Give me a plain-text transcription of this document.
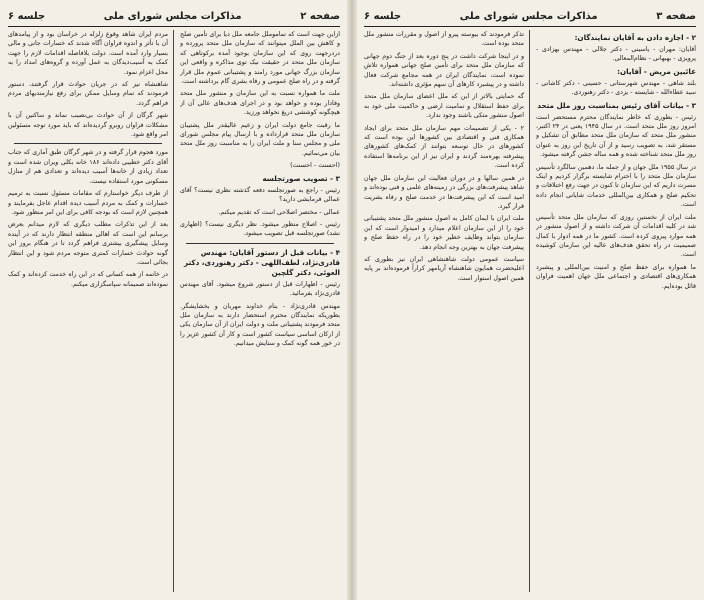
صفحه ۲
مذاکرات مجلس شورای ملی
جلسه ۶

ازاین جهت است که تماموملل جامعه ملل دیا برای تأمین صلح و کاهش بین الملل میتوانند که سازمان ملل متحد پرورده و دردرجهت روی که این سازمان بوجود آمده برکوتاهی که سازمان ملل متحد در حقیقت نیک توی مذاکره و واقعی این سازمان بزرگ جهانی مورد رامند و پشتیبانی عموم ملل قرار گرفته و در راه صلح عمومی و رفاه بشری گام برداشته است.

ملت ما همواره نسبت به این سازمان و منشور ملل متحد وفادار بوده و خواهد بود و در اجرای هدف‌های عالی آن از هیچگونه کوششی دریغ نخواهد ورزید.

ما رقبت جامع دولت ایران و زعیم عالیقدر ملل پشتیبان سازمان ملل متحد قرارداده و با ارسال پیام مجلس شورای ملی و مجلس سنا و ملت ایران را به مناسبت روز ملل متحد بیان می‌نمائیم.

(احسنت - احسنت)

۳ - تصویب صورتجلسه

رئیس - راجع به صورتجلسه دفعه گذشته نظری نیست؟ آقای عمالی فرمایشی دارید؟

عمالی - مختصر اصلاحی است که تقدیم میکنم.

رئیس - اصلاح منظور میشود. نظر دیگری نیست؟ (اظهاری نشد) صورتجلسه قبل تصویب میشود.

۴ - بیانات قبل از دستور آقایان: مهندس قادری‌نژاد، لطف‌اللهی - دکتر رهنوردی، دکتر العوئی، دکتر گلچین

رئیس - اظهارات قبل از دستور شروع میشود. آقای مهندس قادری‌نژاد بفرمائید.

مهندس قادری‌نژاد - بنام خداوند مهربان و بخشایشگر. بطوریکه نمایندگان محترم استحضار دارند به سازمان ملل متحد فرمودند پشتیبانی ملت و دولت ایران از آن سازمان یکی از ارکان اساسی سیاست کشور است و کار آن کشور عزیز را در خور همه گونه کمک و ستایش میدانیم.

مردم ایران شاهد وقوع زلزله در خراسان بود و از پیامدهای آن با تأثر و اندوه فراوان آگاه شدند که خسارات جانی و مالی بسیار وارد آمده است. دولت بلافاصله اقدامات لازم را جهت کمک به آسیب‌دیدگان به عمل آورده و گروه‌های امداد را به محل اعزام نمود.

شاهنشاه نیز که در جریان حوادث قرار گرفتند، دستور فرمودند که تمام وسایل ممکن برای رفع نیازمندیهای مردم فراهم گردد.

شهر گرگان از آن حوادث بی‌نصیب نماند و ساکنین آن با مشکلات فراوان روبرو گردیده‌اند که باید مورد توجه مسئولین امر واقع شود.

مورد هجوم قرار گرفته و در شهر گرگان طبق آماری که جناب آقای دکتر خطیبی داده‌اند ۱۸۶ خانه بکلی ویران شده است و تعداد زیادی از خانه‌ها آسیب دیده‌اند و تعدادی هم از منازل مسکونی مورد استفاده نیست.

از طرف دیگر خواستارم که مقامات مسئول نسبت به ترمیم خسارات و کمک به مردم آسیب دیده اقدام عاجل بفرمایند و همچنین لازم است که بودجه کافی برای این امر منظور شود.

بعد از این تذکرات مطلب دیگری که لازم میدانم بعرض برسانم این است که اهالی منطقه انتظار دارند که در آینده وسایل پیشگیری بیشتری فراهم گردد تا در هنگام بروز این گونه حوادث خسارات کمتری متوجه مردم شود و این انتظار بجائی است.

در خاتمه از همه کسانی که در این راه خدمت کرده‌اند و کمک نموده‌اند صمیمانه سپاسگزاری میکنم.

صفحه ۳
مذاکرات مجلس شورای ملی
جلسه ۶
۲ - اجازه دادن به آقایان نمایندگان:

آقایان: مهران - یاسینی - دکتر جلالی - مهندس بهزادی - پرویزی - بهبهانی - نظام‌المعالی.

غائبین مریض - آقایان:

بلند شاهی - مهندس شهرستانی - حسینی - دکتر کاشانی - سید عطاء‌الله - شایسته - یزدی - دکتر رهنوردی.

۳ - بیانات آقای رئیس بمناسبت روز ملل متحد

رئیس - بطوری که خاطر نمایندگان محترم مستحضر است امروز روز ملل متحد است. در سال ۱۹۴۵ یعنی در ۲۴ اکتبر، منشور ملل متحد که سازمان ملل متحد مطابق آن تشکیل و مستقر شد، به تصویب رسید و از آن تاریخ این روز به عنوان روز ملل متحد شناخته شده و همه ساله جشن گرفته میشود.

در سال ۱۹۵۵ ملل جهان و از جمله ما، دهمین سالگرد تأسیس سازمان ملل متحد را با احترام شایسته برگزار کردیم و اینک مسرت داریم که این سازمان تا کنون در جهت رفع اختلافات و تحکیم صلح و همکاری بین‌المللی خدمات شایانی انجام داده است.

ملت ایران از نخستین روزی که سازمان ملل متحد تأسیس شد در کلیه اقدامات آن شرکت داشته و از اصول منشور در همه موارد پیروی کرده است. کشور ما در همه ادوار با کمال صمیمیت در راه تحقق هدف‌های عالیه این سازمان کوشیده است.

ما همواره برای حفظ صلح و امنیت بین‌المللی و پیشبرد همکاری‌های اقتصادی و اجتماعی ملل جهان اهمیت فراوان قائل بوده‌ایم.

تذکر فرمودند که بیوسته پیرو از اصول و مقررات منشور ملل متحد بوده است.

و در اینجا شرکت داشت در پنج دوره بعد از جنگ دوم جهانی که سازمان ملل متحد برای تأمین صلح جهانی همواره تلاش نموده است، نمایندگان ایران در همه مجامع شرکت فعال داشته و در پیشبرد کارهای آن سهم مؤثری داشته‌اند.

گه حمایتی بالاتر از این که ملل اعضای سازمان ملل متحد برای حفظ استقلال و تمامیت ارضی و حاکمیت ملی خود به اصول منشور متکی باشند وجود ندارد.

۲ - یکی از تصمیمات مهم سازمان ملل متحد برای ایجاد همکاری فنی و اقتصادی بین کشورها این بوده است که کشورهای در حال توسعه بتوانند از کمک‌های کشورهای پیشرفته بهره‌مند گردند و ایران نیز از این برنامه‌ها استفاده کرده است.

در همین سالها و در دوران فعالیت این سازمان ملل جهان شاهد پیشرفت‌های بزرگی در زمینه‌های علمی و فنی بوده‌اند و امید است که این پیشرفت‌ها در خدمت صلح و رفاه بشریت قرار گیرد.

ملت ایران با ایمان کامل به اصول منشور ملل متحد پشتیبانی خود را از این سازمان اعلام میدارد و امیدوار است که این سازمان بتواند وظایف خطیر خود را در راه حفظ صلح و پیشرفت جهان به بهترین وجه انجام دهد.

سیاست عمومی دولت شاهنشاهی ایران نیز بطوری که اعلیحضرت همایون شاهنشاه آریامهر کراراً فرموده‌اند بر پایه همین اصول استوار است.
